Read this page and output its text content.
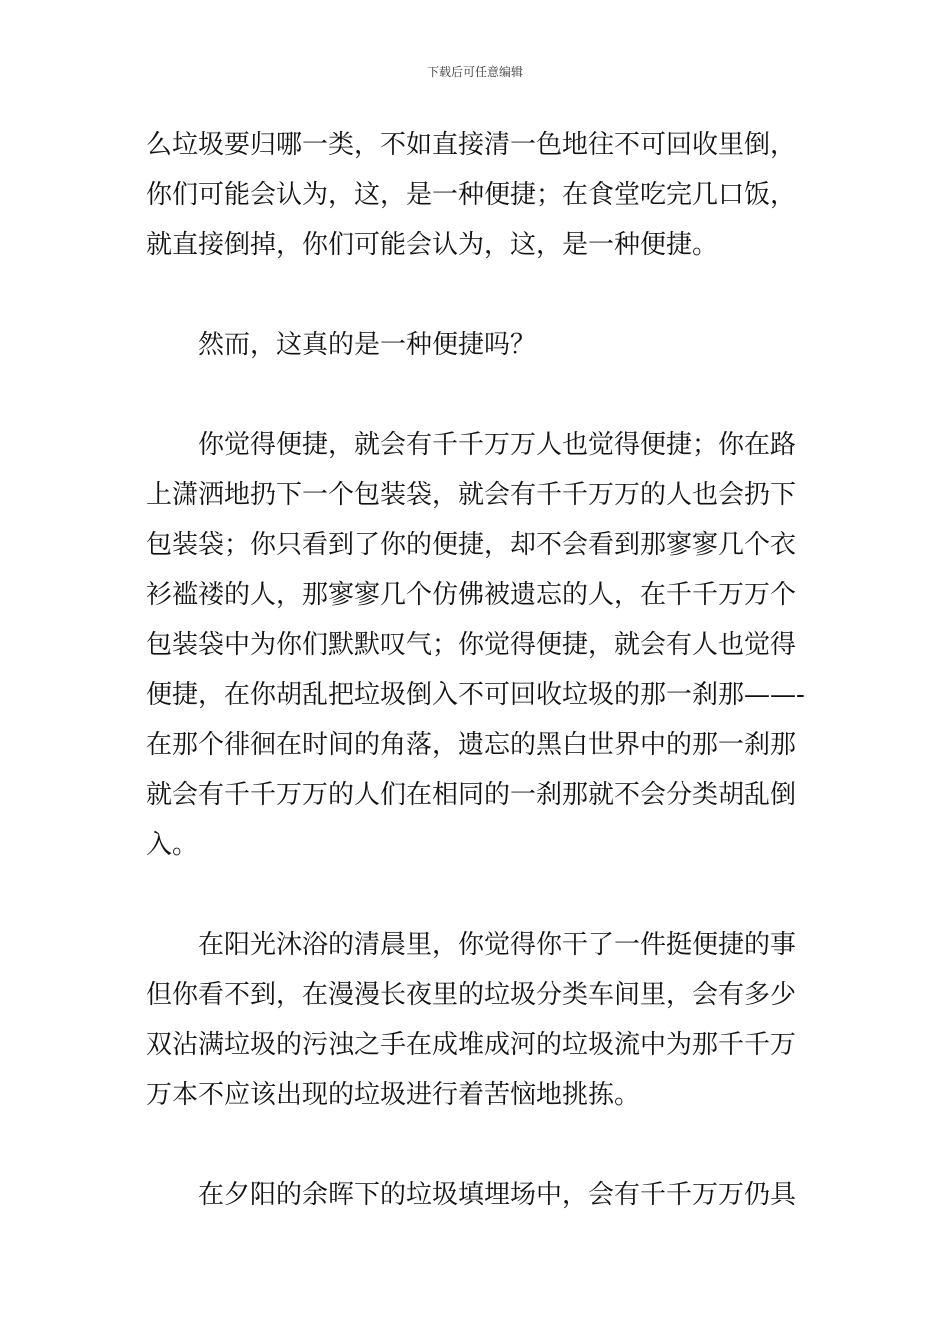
下载后可任意编辑
么垃圾要归哪一类，不如直接清一色地往不可回收里倒，
你们可能会认为，这，是一种便捷；在食堂吃完几口饭，
就直接倒掉，你们可能会认为，这，是一种便捷。
然而，这真的是一种便捷吗？
你觉得便捷，就会有千千万万人也觉得便捷；你在路
上潇洒地扔下一个包装袋，就会有千千万万的人也会扔下
包装袋；你只看到了你的便捷，却不会看到那寥寥几个衣
衫褴褛的人，那寥寥几个仿佛被遗忘的人，在千千万万个
包装袋中为你们默默叹气；你觉得便捷，就会有人也觉得
便捷，在你胡乱把垃圾倒入不可回收垃圾的那一刹那——-
在那个徘徊在时间的角落，遗忘的黑白世界中的那一刹那
就会有千千万万的人们在相同的一刹那就不会分类胡乱倒
入。
在阳光沐浴的清晨里，你觉得你干了一件挺便捷的事
但你看不到，在漫漫长夜里的垃圾分类车间里，会有多少
双沾满垃圾的污浊之手在成堆成河的垃圾流中为那千千万
万本不应该出现的垃圾进行着苦恼地挑拣。
在夕阳的余晖下的垃圾填埋场中，会有千千万万仍具
